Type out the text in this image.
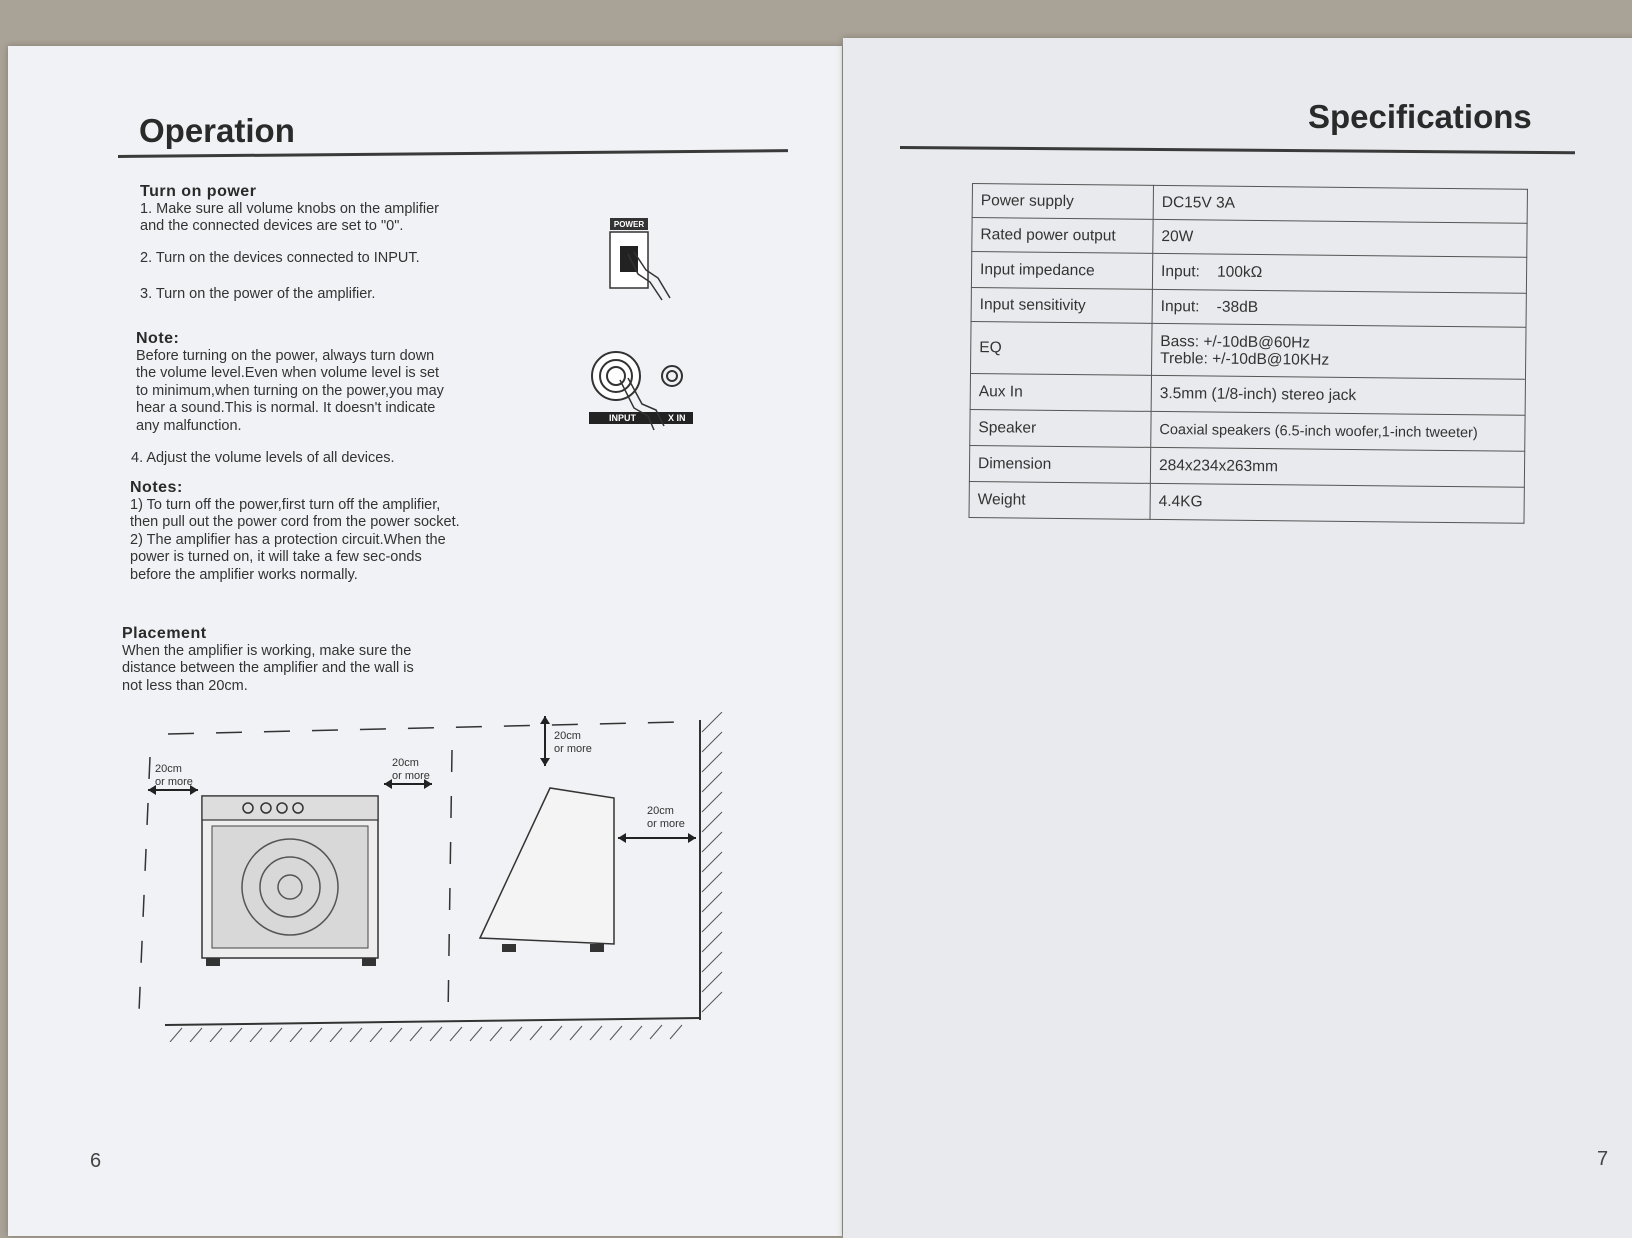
Operation
Turn on power
1. Make sure all volume knobs on the amplifier
and the connected devices are set to "0".
2. Turn on the devices connected to INPUT.
3. Turn on the power of the amplifier.
Note:
Before turning on the power, always turn down
the volume level.Even when volume level is set
to minimum,when turning on the power,you may
hear a sound.This is normal. It doesn't indicate
any malfunction.
4. Adjust the volume levels of all devices.
Notes:
1) To turn off the power,first turn off the amplifier,
then pull out the power cord from the power socket.
2) The amplifier has a protection circuit.When the
power is turned on, it will take a few sec-onds
before the amplifier works normally.
Placement
When the amplifier is working, make sure the
distance between the amplifier and the wall is
not less than 20cm.
POWER
INPUT	X IN
20cm
or more
20cm
or more
20cm
or more
20cm
or more
6
Specifications
Power supply	DC15V 3A
Rated power output	20W
Input impedance	Input:    100kΩ
Input sensitivity	Input:    -38dB
EQ	Bass: +/-10dB@60Hz
Treble: +/-10dB@10KHz

Aux In	3.5mm (1/8-inch) stereo jack
Speaker	Coaxial speakers (6.5-inch woofer,1-inch tweeter)
Dimension	284x234x263mm
Weight	4.4KG
7
